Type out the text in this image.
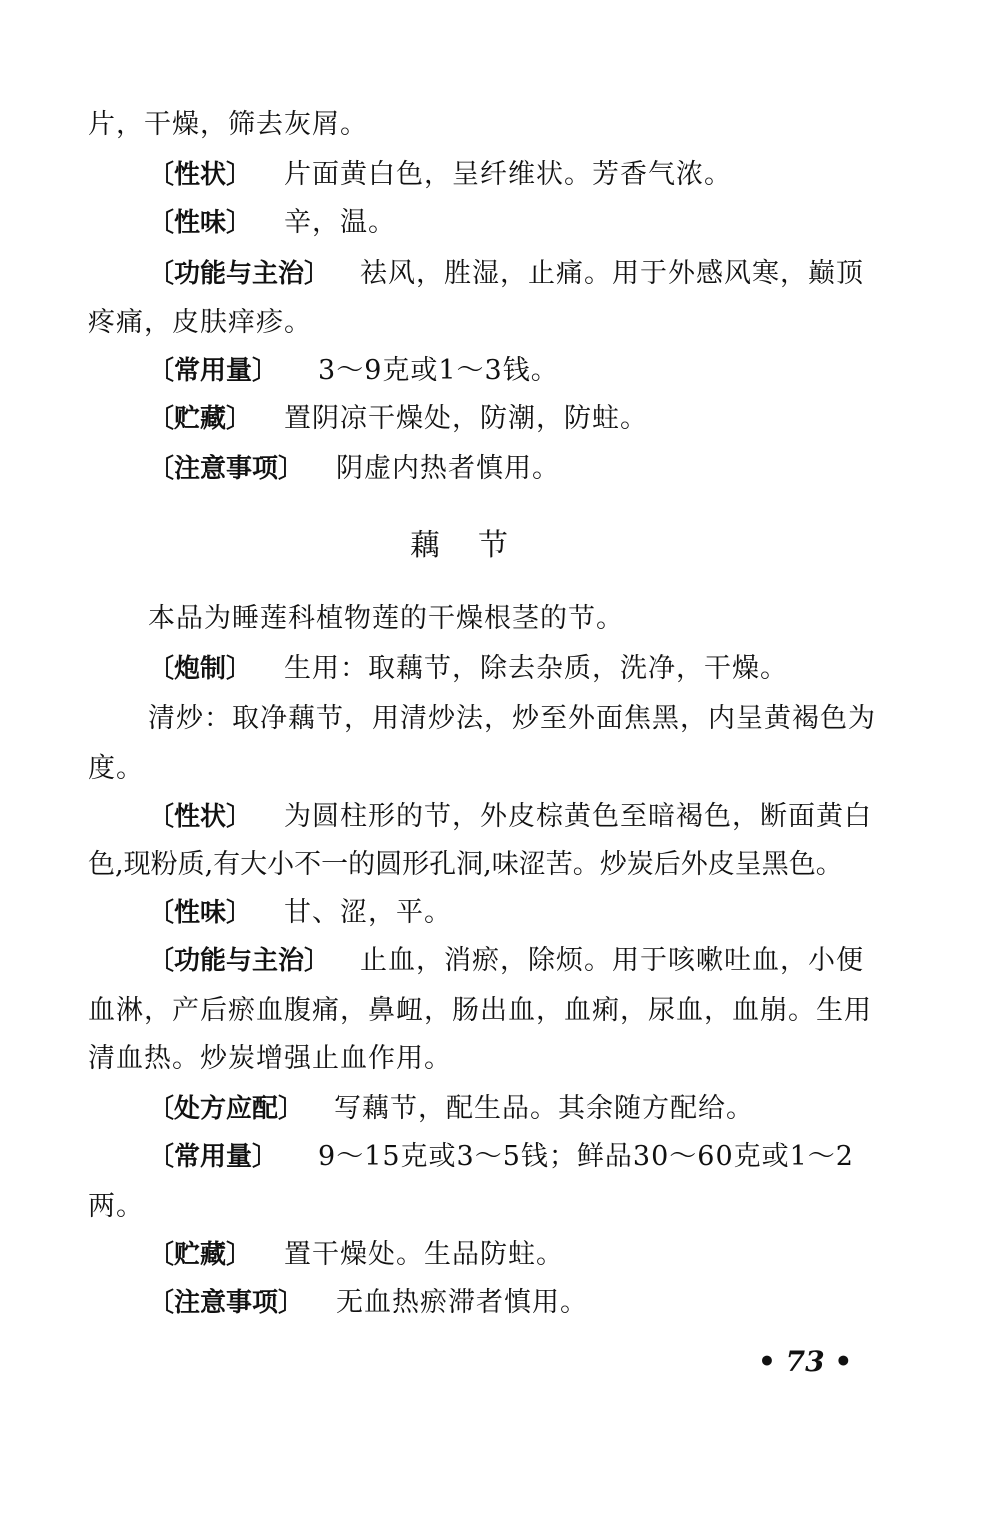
片，干燥，筛去灰屑。
〔性状〕 片面黄白色，呈纤维状。芳香气浓。
〔性味〕 辛，温。
〔功能与主治〕 祛风，胜湿，止痛。用于外感风寒，巅顶
疼痛，皮肤痒疹。
〔常用量〕 3～9克或1～3钱。
〔贮藏〕 置阴凉干燥处，防潮，防蛀。
〔注意事项〕 阴虚内热者慎用。
藕　节
本品为睡莲科植物莲的干燥根茎的节。
〔炮制〕 生用：取藕节，除去杂质，洗净，干燥。
清炒：取净藕节，用清炒法，炒至外面焦黑，内呈黄褐色为
度。
〔性状〕 为圆柱形的节，外皮棕黄色至暗褐色，断面黄白
色,现粉质,有大小不一的圆形孔洞,味涩苦。炒炭后外皮呈黑色。
〔性味〕 甘、涩，平。
〔功能与主治〕 止血，消瘀，除烦。用于咳嗽吐血，小便
血淋，产后瘀血腹痛，鼻衄，肠出血，血痢，尿血，血崩。生用
清血热。炒炭增强止血作用。
〔处方应配〕 写藕节，配生品。其余随方配给。
〔常用量〕 9～15克或3～5钱；鲜品30～60克或1～2
两。
〔贮藏〕 置干燥处。生品防蛀。
〔注意事项〕 无血热瘀滞者慎用。
• 73 •
